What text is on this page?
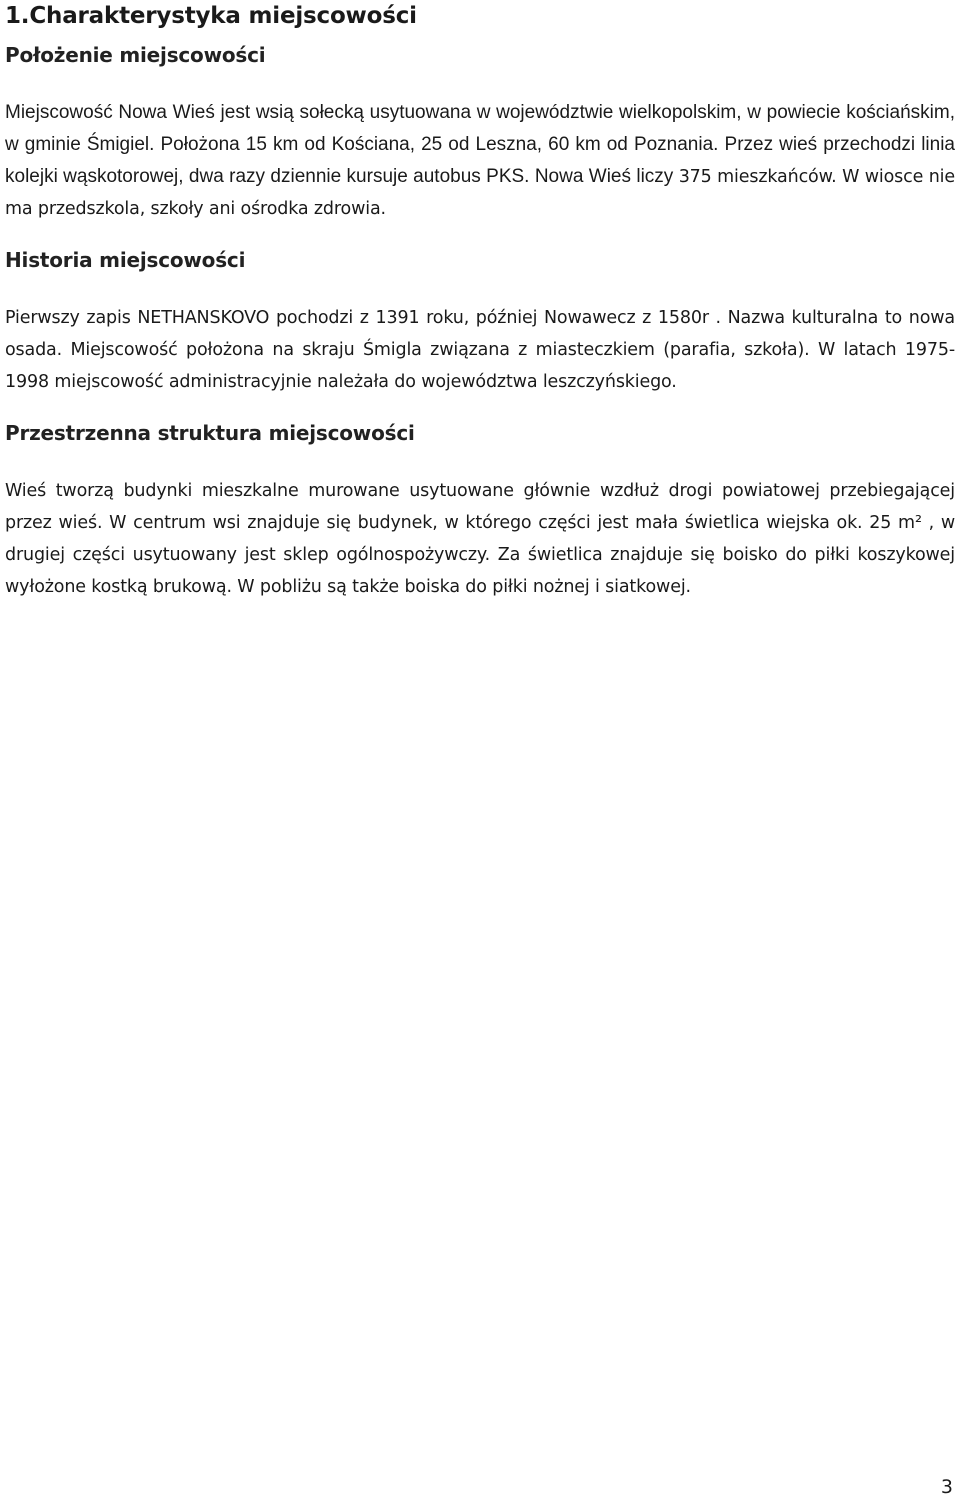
1.Charakterystyka miejscowości
Położenie miejscowości

Miejscowość Nowa Wieś jest wsią sołecką usytuowana w województwie wielkopolskim, w powiecie kościańskim, w gminie Śmigiel. Położona 15 km od Kościana, 25 od Leszna, 60 km od Poznania. Przez wieś przechodzi linia kolejki wąskotorowej, dwa razy dziennie kursuje autobus PKS. Nowa Wieś liczy 375 mieszkańców. W wiosce nie ma przedszkola, szkoły ani ośrodka zdrowia.

Historia miejscowości

Pierwszy zapis NETHANSKOVO pochodzi z 1391 roku, później Nowawecz z 1580r . Nazwa kulturalna to nowa osada. Miejscowość położona na skraju Śmigla związana z miasteczkiem (parafia, szkoła). W latach 1975-1998 miejscowość administracyjnie należała do województwa leszczyńskiego.

Przestrzenna struktura miejscowości

Wieś tworzą budynki mieszkalne murowane usytuowane głównie wzdłuż drogi powiatowej przebiegającej przez wieś. W centrum wsi znajduje się budynek, w którego części jest mała świetlica wiejska ok. 25 m² , w drugiej części usytuowany jest sklep ogólnospożywczy. Za świetlica znajduje się boisko do piłki koszykowej wyłożone kostką brukową. W pobliżu są także boiska do piłki nożnej i siatkowej.

3
